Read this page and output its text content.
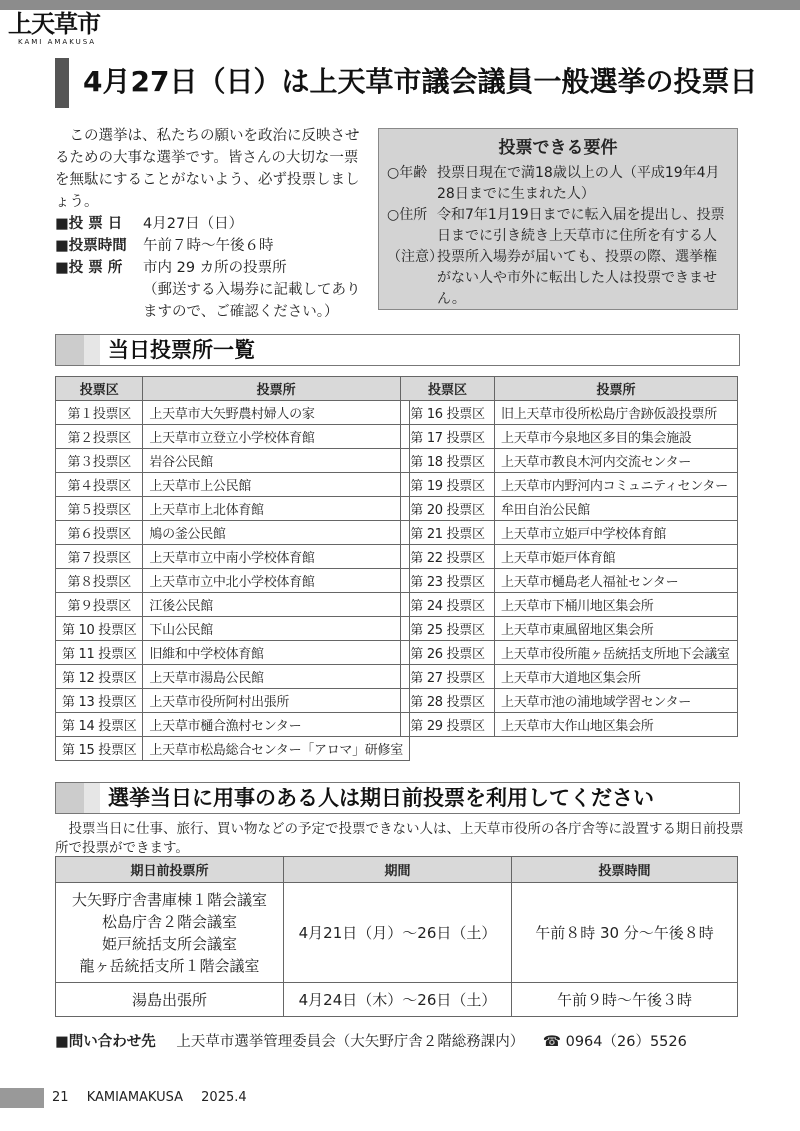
上天草市
KAMI AMAKUSA
4月27日（日）は上天草市議会議員一般選挙の投票日

この選挙は、私たちの願いを政治に反映させるための大事な選挙です。皆さんの大切な一票を無駄にすることがないよう、必ず投票しましょう。

■投 票 日	4月27日（日）
■投票時間	午前７時～午後６時
■投 票 所	市内 29 カ所の投票所
（郵送する入場券に記載してありますので、ご確認ください。）
投票できる要件
○年齢 投票日現在で満18歳以上の人（平成19年4月28日までに生まれた人）
○住所 令和7年1月19日までに転入届を提出し、投票日までに引き続き上天草市に住所を有する人
（注意）
投票所入場券が届いても、投票の際、選挙権がない人や市外に転出した人は投票できません。
当日投票所一覧
投票区	投票所
第１投票区	上天草市大矢野農村婦人の家
第２投票区	上天草市立登立小学校体育館
第３投票区	岩谷公民館
第４投票区	上天草市上公民館
第５投票区	上天草市上北体育館
第６投票区	鳩の釜公民館
第７投票区	上天草市立中南小学校体育館
第８投票区	上天草市立中北小学校体育館
第９投票区	江後公民館
第 10 投票区	下山公民館
第 11 投票区	旧維和中学校体育館
第 12 投票区	上天草市湯島公民館
第 13 投票区	上天草市役所阿村出張所
第 14 投票区	上天草市樋合漁村センター
第 15 投票区	上天草市松島総合センター「アロマ」研修室
投票区	投票所
第 16 投票区	旧上天草市役所松島庁舎跡仮設投票所
第 17 投票区	上天草市今泉地区多目的集会施設
第 18 投票区	上天草市教良木河内交流センター
第 19 投票区	上天草市内野河内コミュニティセンター
第 20 投票区	牟田自治公民館
第 21 投票区	上天草市立姫戸中学校体育館
第 22 投票区	上天草市姫戸体育館
第 23 投票区	上天草市樋島老人福祉センター
第 24 投票区	上天草市下桶川地区集会所
第 25 投票区	上天草市東風留地区集会所
第 26 投票区	上天草市役所龍ヶ岳統括支所地下会議室
第 27 投票区	上天草市大道地区集会所
第 28 投票区	上天草市池の浦地域学習センター
第 29 投票区	上天草市大作山地区集会所
選挙当日に用事のある人は期日前投票を利用してください

投票当日に仕事、旅行、買い物などの予定で投票できない人は、上天草市役所の各庁舎等に設置する期日前投票所で投票ができます。

期日前投票所	期間	投票時間

大矢野庁舎書庫棟１階会議室
松島庁舎２階会議室
姫戸統括支所会議室
龍ヶ岳統括支所１階会議室	4月21日（月）～26日（土）	午前８時 30 分～午後８時

湯島出張所	4月24日（木）～26日（土）	午前９時～午後３時
■問い合わせ先 上天草市選挙管理委員会（大矢野庁舎２階総務課内） ☎ 0964（26）5526
21 KAMIAMAKUSA 2025.4
